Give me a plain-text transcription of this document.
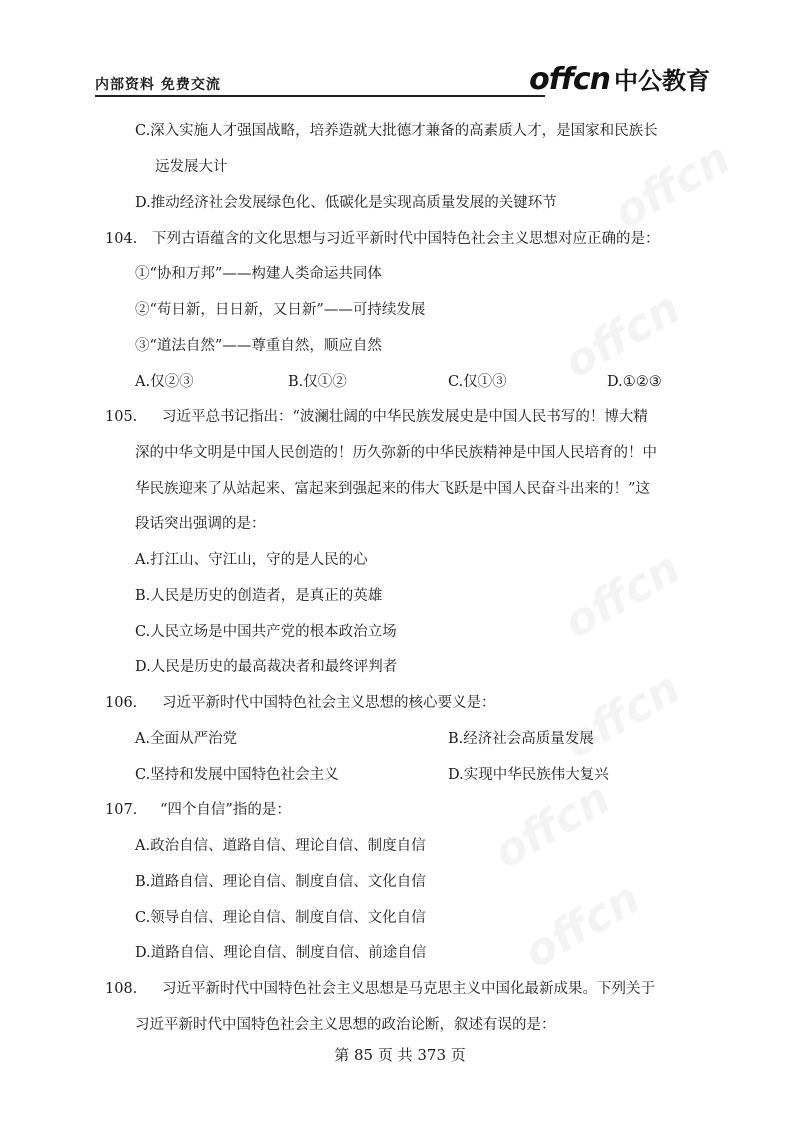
内部资料 免费交流	offcn 中公教育
C.深入实施人才强国战略，培养造就大批德才兼备的高素质人才，是国家和民族长
远发展大计
D.推动经济社会发展绿色化、低碳化是实现高质量发展的关键环节
104. 下列古语蕴含的文化思想与习近平新时代中国特色社会主义思想对应正确的是：
①“协和万邦”——构建人类命运共同体
②“苟日新，日日新，又日新”——可持续发展
③“道法自然”——尊重自然，顺应自然
A.仅②③	B.仅①②	C.仅①③	D.①②③
105. 习近平总书记指出：“波澜壮阔的中华民族发展史是中国人民书写的！博大精
深的中华文明是中国人民创造的！历久弥新的中华民族精神是中国人民培育的！中
华民族迎来了从站起来、富起来到强起来的伟大飞跃是中国人民奋斗出来的！”这
段话突出强调的是：
A.打江山、守江山，守的是人民的心
B.人民是历史的创造者，是真正的英雄
C.人民立场是中国共产党的根本政治立场
D.人民是历史的最高裁决者和最终评判者
106. 习近平新时代中国特色社会主义思想的核心要义是：
A.全面从严治党	B.经济社会高质量发展
C.坚持和发展中国特色社会主义	D.实现中华民族伟大复兴
107. “四个自信”指的是：
A.政治自信、道路自信、理论自信、制度自信
B.道路自信、理论自信、制度自信、文化自信
C.领导自信、理论自信、制度自信、文化自信
D.道路自信、理论自信、制度自信、前途自信
108. 习近平新时代中国特色社会主义思想是马克思主义中国化最新成果。下列关于
习近平新时代中国特色社会主义思想的政治论断，叙述有误的是：
第 85 页 共 373 页
